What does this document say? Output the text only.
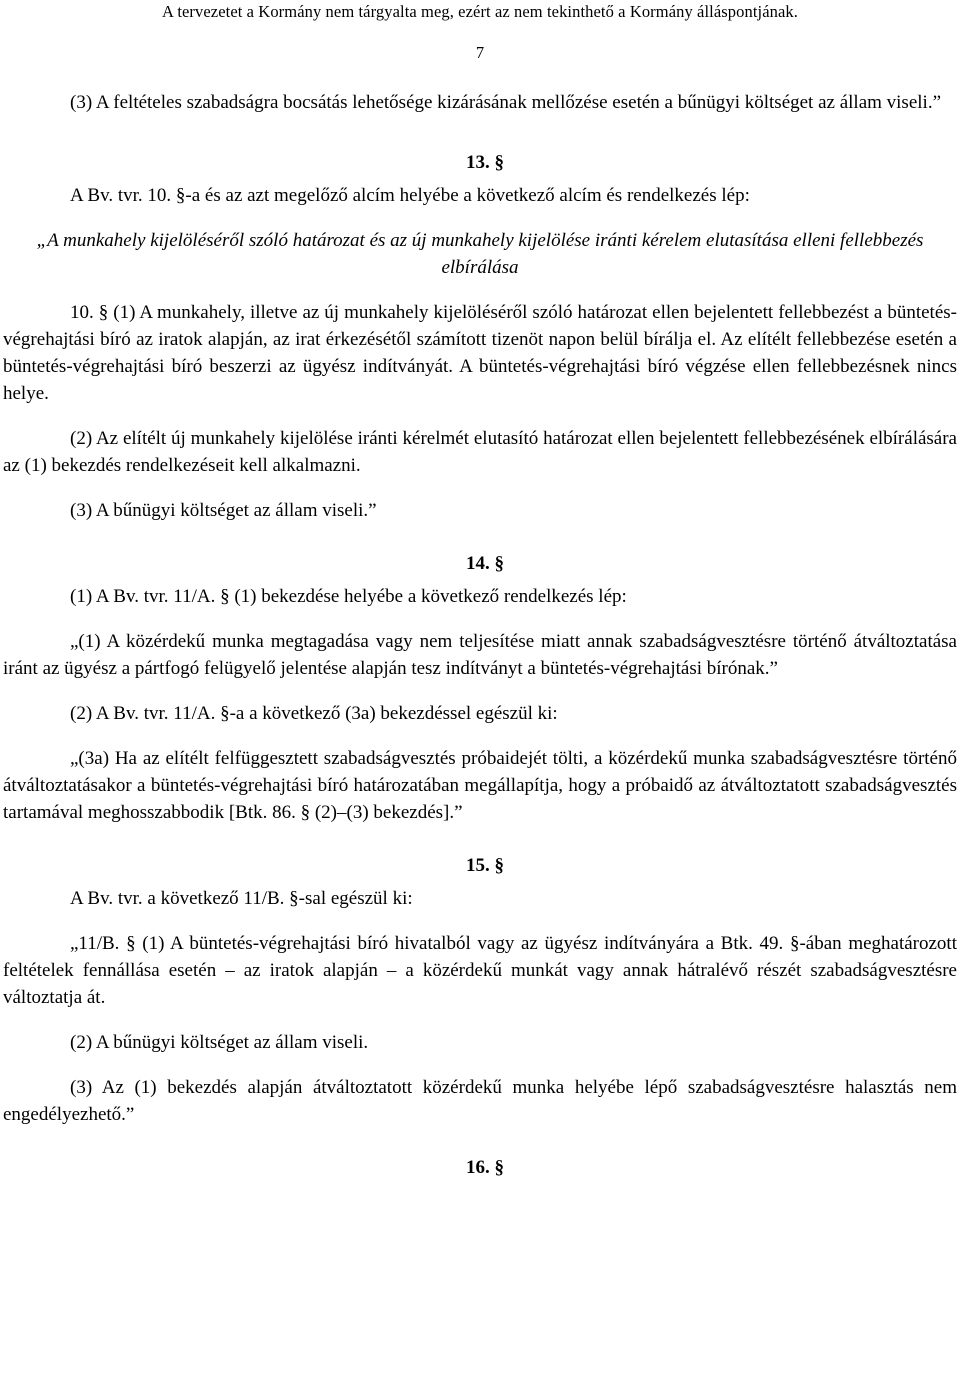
A tervezetet a Kormány nem tárgyalta meg, ezért az nem tekinthető a Kormány álláspontjának.
7

(3) A feltételes szabadságra bocsátás lehetősége kizárásának mellőzése esetén a bűnügyi költséget az állam viseli.”

13. §

A Bv. tvr. 10. §-a és az azt megelőző alcím helyébe a következő alcím és rendelkezés lép:

„A munkahely kijelöléséről szóló határozat és az új munkahely kijelölése iránti kérelem elutasítása elleni fellebbezés elbírálása

10. § (1) A munkahely, illetve az új munkahely kijelöléséről szóló határozat ellen bejelentett fellebbezést a büntetés-végrehajtási bíró az iratok alapján, az irat érkezésétől számított tizenöt napon belül bírálja el. Az elítélt fellebbezése esetén a büntetés-végrehajtási bíró beszerzi az ügyész indítványát. A büntetés-végrehajtási bíró végzése ellen fellebbezésnek nincs helye.

(2) Az elítélt új munkahely kijelölése iránti kérelmét elutasító határozat ellen bejelentett fellebbezésének elbírálására az (1) bekezdés rendelkezéseit kell alkalmazni.

(3) A bűnügyi költséget az állam viseli.”

14. §

(1) A Bv. tvr. 11/A. § (1) bekezdése helyébe a következő rendelkezés lép:

„(1) A közérdekű munka megtagadása vagy nem teljesítése miatt annak szabadságvesztésre történő átváltoztatása iránt az ügyész a pártfogó felügyelő jelentése alapján tesz indítványt a büntetés-végrehajtási bírónak.”

(2) A Bv. tvr. 11/A. §-a a következő (3a) bekezdéssel egészül ki:

„(3a) Ha az elítélt felfüggesztett szabadságvesztés próbaidejét tölti, a közérdekű munka szabadságvesztésre történő átváltoztatásakor a büntetés-végrehajtási bíró határozatában megállapítja, hogy a próbaidő az átváltoztatott szabadságvesztés tartamával meghosszabbodik [Btk. 86. § (2)–(3) bekezdés].”

15. §

A Bv. tvr. a következő 11/B. §-sal egészül ki:

„11/B. § (1) A büntetés-végrehajtási bíró hivatalból vagy az ügyész indítványára a Btk. 49. §-ában meghatározott feltételek fennállása esetén – az iratok alapján – a közérdekű munkát vagy annak hátralévő részét szabadságvesztésre változtatja át.

(2) A bűnügyi költséget az állam viseli.

(3) Az (1) bekezdés alapján átváltoztatott közérdekű munka helyébe lépő szabadságvesztésre halasztás nem engedélyezhető.”

16. §
